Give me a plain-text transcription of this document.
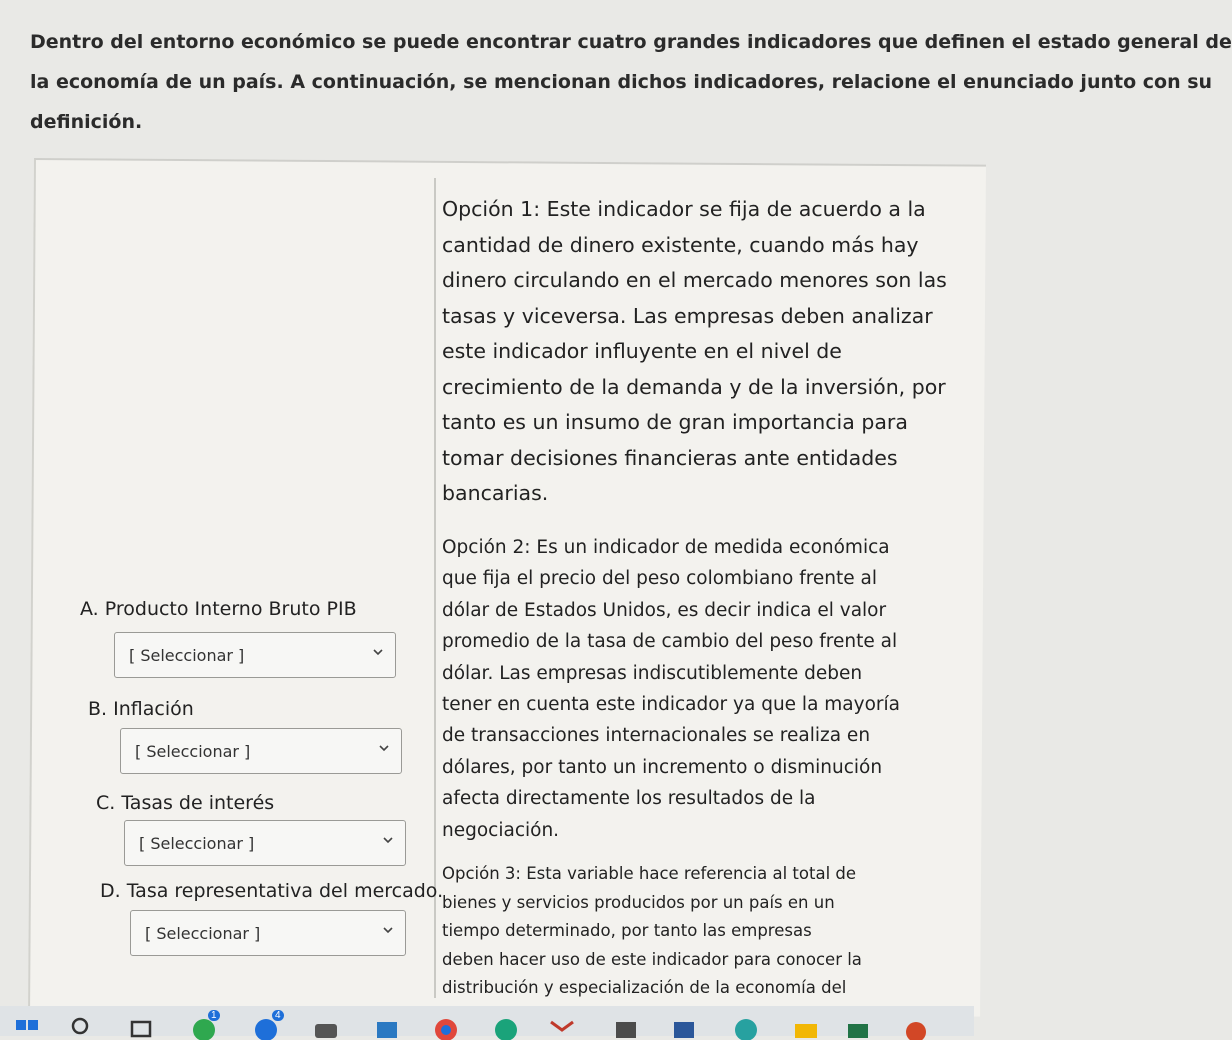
Dentro del entorno económico se puede encontrar cuatro grandes indicadores que definen el estado general de
la economía de un país. A continuación, se mencionan dichos indicadores, relacione el enunciado junto con su
definición.
A. Producto Interno Bruto PIB
[ Seleccionar ]
B. Inflación
[ Seleccionar ]
C. Tasas de interés
[ Seleccionar ]
D. Tasa representativa del mercado.
[ Seleccionar ]
Opción 1: Este indicador se fija de acuerdo a la
cantidad de dinero existente, cuando más hay
dinero circulando en el mercado menores son las
tasas y viceversa. Las empresas deben analizar
este indicador influyente en el nivel de
crecimiento de la demanda y de la inversión, por
tanto es un insumo de gran importancia para
tomar decisiones financieras ante entidades
bancarias.
Opción 2: Es un indicador de medida económica
que fija el precio del peso colombiano frente al
dólar de Estados Unidos, es decir indica el valor
promedio de la tasa de cambio del peso frente al
dólar. Las empresas indiscutiblemente deben
tener en cuenta este indicador ya que la mayoría
de transacciones internacionales se realiza en
dólares, por tanto un incremento o disminución
afecta directamente los resultados de la
negociación.
Opción 3: Esta variable hace referencia al total de
bienes y servicios producidos por un país en un
tiempo determinado, por tanto las empresas
deben hacer uso de este indicador para conocer la
distribución y especialización de la economía del
1	4
